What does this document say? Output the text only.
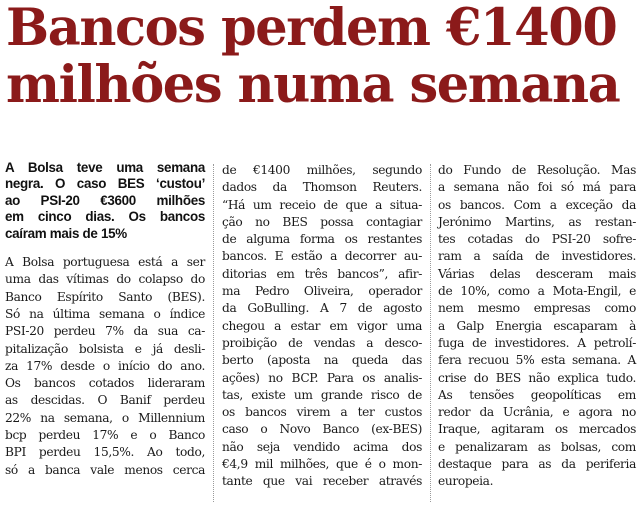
Bancos perdem €1400
milhões numa semana
A Bolsa teve uma semana
negra. O caso BES ‘custou’
ao PSI-20 €3600 milhões
em cinco dias. Os bancos
caíram mais de 15%
A Bolsa portuguesa está a ser
uma das vítimas do colapso do
Banco Espírito Santo (BES).
Só na última semana o índice
PSI-20 perdeu 7% da sua ca-
pitalização bolsista e já desli-
za 17% desde o início do ano.
Os bancos cotados lideraram
as descidas. O Banif perdeu
22% na semana, o Millennium
bcp perdeu 17% e o Banco
BPI perdeu 15,5%. Ao todo,
só a banca vale menos cerca
de €1400 milhões, segundo
dados da Thomson Reuters.
“Há um receio de que a situa-
ção no BES possa contagiar
de alguma forma os restantes
bancos. E estão a decorrer au-
ditorias em três bancos”, afir-
ma Pedro Oliveira, operador
da GoBulling. A 7 de agosto
chegou a estar em vigor uma
proibição de vendas a desco-
berto (aposta na queda das
ações) no BCP. Para os analis-
tas, existe um grande risco de
os bancos virem a ter custos
caso o Novo Banco (ex-BES)
não seja vendido acima dos
€4,9 mil milhões, que é o mon-
tante que vai receber através
do Fundo de Resolução. Mas
a semana não foi só má para
os bancos. Com a exceção da
Jerónimo Martins, as restan-
tes cotadas do PSI-20 sofre-
ram a saída de investidores.
Várias delas desceram mais
de 10%, como a Mota-Engil, e
nem mesmo empresas como
a Galp Energia escaparam à
fuga de investidores. A petrolí-
fera recuou 5% esta semana. A
crise do BES não explica tudo.
As tensões geopolíticas em
redor da Ucrânia, e agora no
Iraque, agitaram os mercados
e penalizaram as bolsas, com
destaque para as da periferia
europeia.
